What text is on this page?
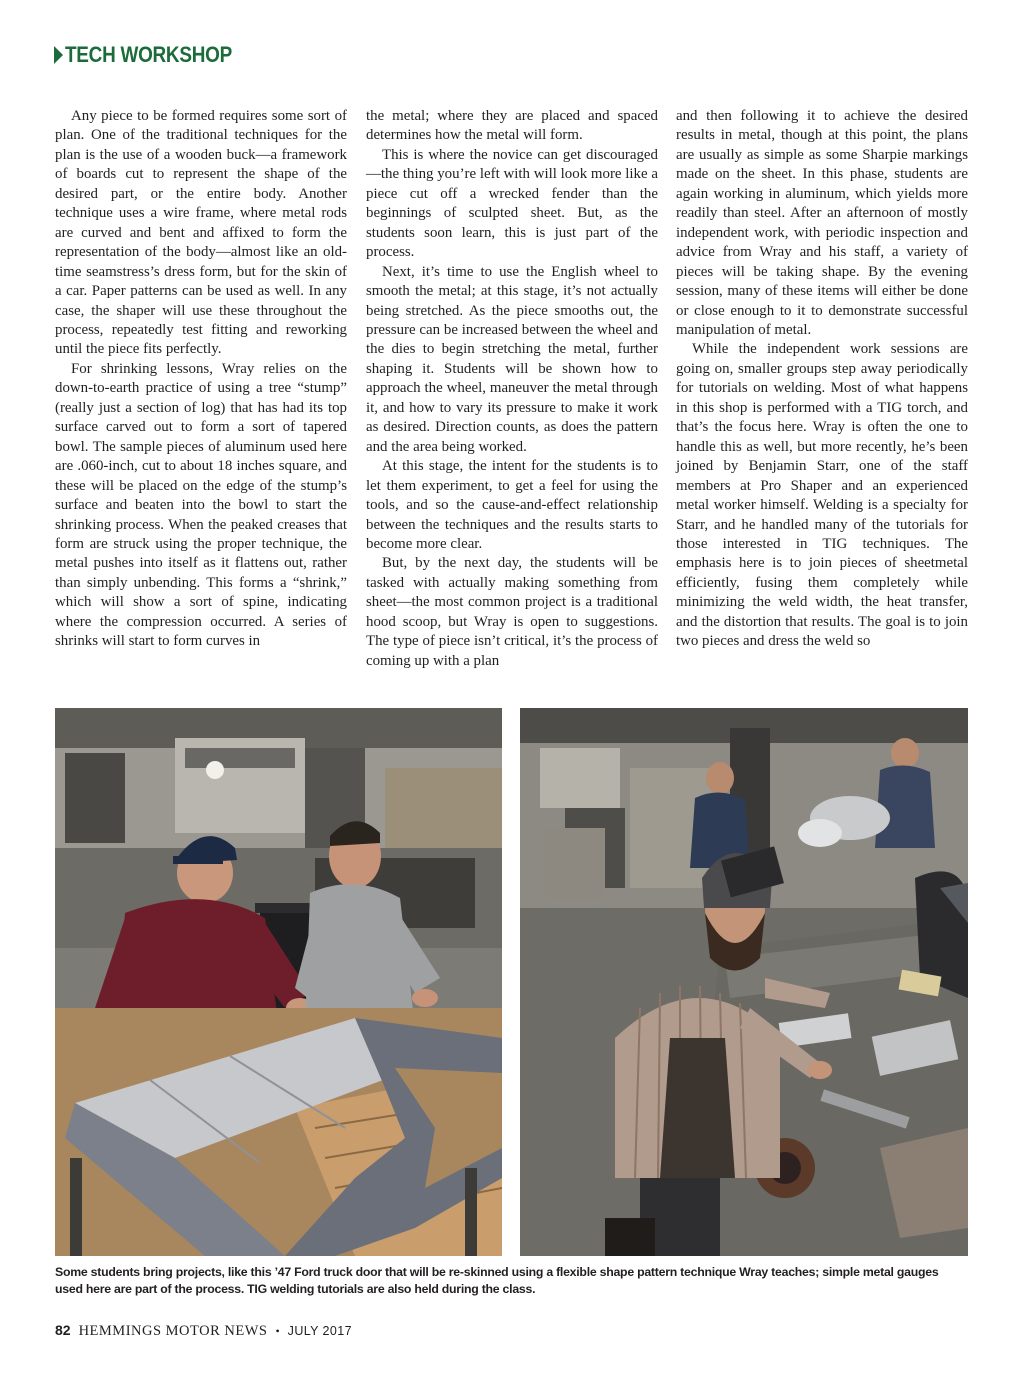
TECH WORKSHOP

Any piece to be formed requires some sort of plan. One of the traditional techniques for the plan is the use of a wooden buck—a framework of boards cut to represent the shape of the desired part, or the entire body. Another technique uses a wire frame, where metal rods are curved and bent and affixed to form the representation of the body—almost like an old-time seamstress’s dress form, but for the skin of a car. Paper patterns can be used as well. In any case, the shaper will use these throughout the process, repeatedly test fitting and reworking until the piece fits perfectly.

For shrinking lessons, Wray relies on the down-to-earth practice of using a tree “stump” (really just a section of log) that has had its top surface carved out to form a sort of tapered bowl. The sample pieces of aluminum used here are .060-inch, cut to about 18 inches square, and these will be placed on the edge of the stump’s surface and beaten into the bowl to start the shrinking process. When the peaked creases that form are struck using the proper technique, the metal pushes into itself as it flattens out, rather than simply unbending. This forms a “shrink,” which will show a sort of spine, indicating where the compression occurred. A series of shrinks will start to form curves in

the metal; where they are placed and spaced determines how the metal will form.

This is where the novice can get discouraged—the thing you’re left with will look more like a piece cut off a wrecked fender than the beginnings of sculpted sheet. But, as the students soon learn, this is just part of the process.

Next, it’s time to use the English wheel to smooth the metal; at this stage, it’s not actually being stretched. As the piece smooths out, the pressure can be increased between the wheel and the dies to begin stretching the metal, further shaping it. Students will be shown how to approach the wheel, maneuver the metal through it, and how to vary its pressure to make it work as desired. Direction counts, as does the pattern and the area being worked.

At this stage, the intent for the students is to let them experiment, to get a feel for using the tools, and so the cause-and-effect relationship between the techniques and the results starts to become more clear.

But, by the next day, the students will be tasked with actually making something from sheet—the most common project is a traditional hood scoop, but Wray is open to suggestions. The type of piece isn’t critical, it’s the process of coming up with a plan

and then following it to achieve the desired results in metal, though at this point, the plans are usually as simple as some Sharpie markings made on the sheet. In this phase, students are again working in aluminum, which yields more readily than steel. After an afternoon of mostly independent work, with periodic inspection and advice from Wray and his staff, a variety of pieces will be taking shape. By the evening session, many of these items will either be done or close enough to it to demonstrate successful manipulation of metal.

While the independent work sessions are going on, smaller groups step away periodically for tutorials on welding. Most of what happens in this shop is performed with a TIG torch, and that’s the focus here. Wray is often the one to handle this as well, but more recently, he’s been joined by Benjamin Starr, one of the staff members at Pro Shaper and an experienced metal worker himself. Welding is a specialty for Starr, and he handled many of the tutorials for those interested in TIG techniques. The emphasis here is to join pieces of sheetmetal efficiently, fusing them completely while minimizing the weld width, the heat transfer, and the distortion that results. The goal is to join two pieces and dress the weld so

Some students bring projects, like this ’47 Ford truck door that will be re-skinned using a flexible shape pattern technique Wray teaches; simple metal gauges used here are part of the process. TIG welding tutorials are also held during the class.
82 HEMMINGS MOTOR NEWS • JULY 2017
